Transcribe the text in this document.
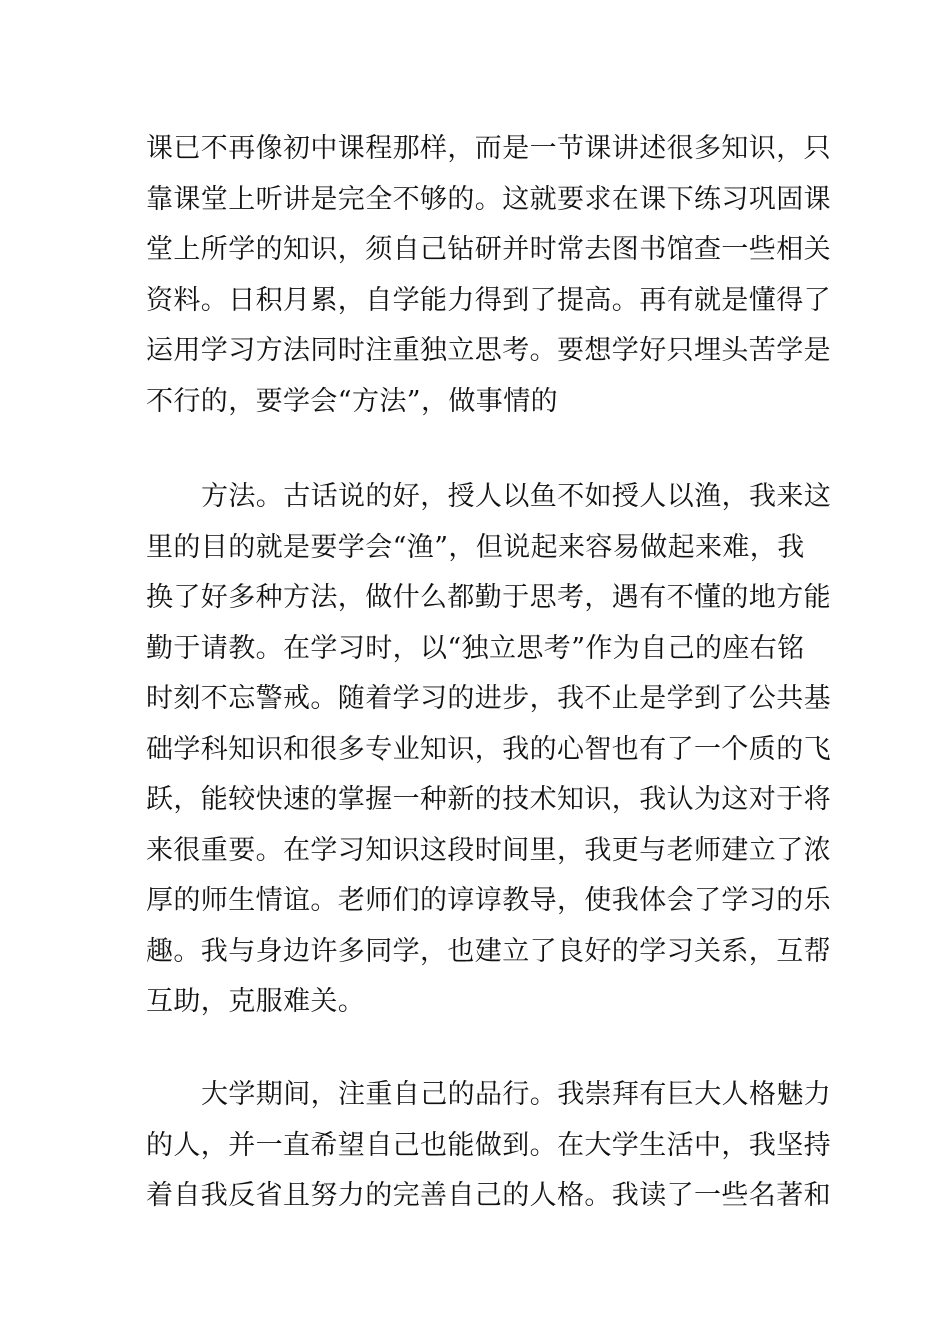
课已不再像初中课程那样，而是一节课讲述很多知识，只
靠课堂上听讲是完全不够的。这就要求在课下练习巩固课
堂上所学的知识，须自己钻研并时常去图书馆查一些相关
资料。日积月累，自学能力得到了提高。再有就是懂得了
运用学习方法同时注重独立思考。要想学好只埋头苦学是
不行的，要学会“方法”，做事情的

方法。古话说的好，授人以鱼不如授人以渔，我来这
里的目的就是要学会“渔”，但说起来容易做起来难，我
换了好多种方法，做什么都勤于思考，遇有不懂的地方能
勤于请教。在学习时，以“独立思考”作为自己的座右铭
时刻不忘警戒。随着学习的进步，我不止是学到了公共基
础学科知识和很多专业知识，我的心智也有了一个质的飞
跃，能较快速的掌握一种新的技术知识，我认为这对于将
来很重要。在学习知识这段时间里，我更与老师建立了浓
厚的师生情谊。老师们的谆谆教导，使我体会了学习的乐
趣。我与身边许多同学，也建立了良好的学习关系，互帮
互助，克服难关。

大学期间，注重自己的品行。我崇拜有巨大人格魅力
的人，并一直希望自己也能做到。在大学生活中，我坚持
着自我反省且努力的完善自己的人格。我读了一些名著和
